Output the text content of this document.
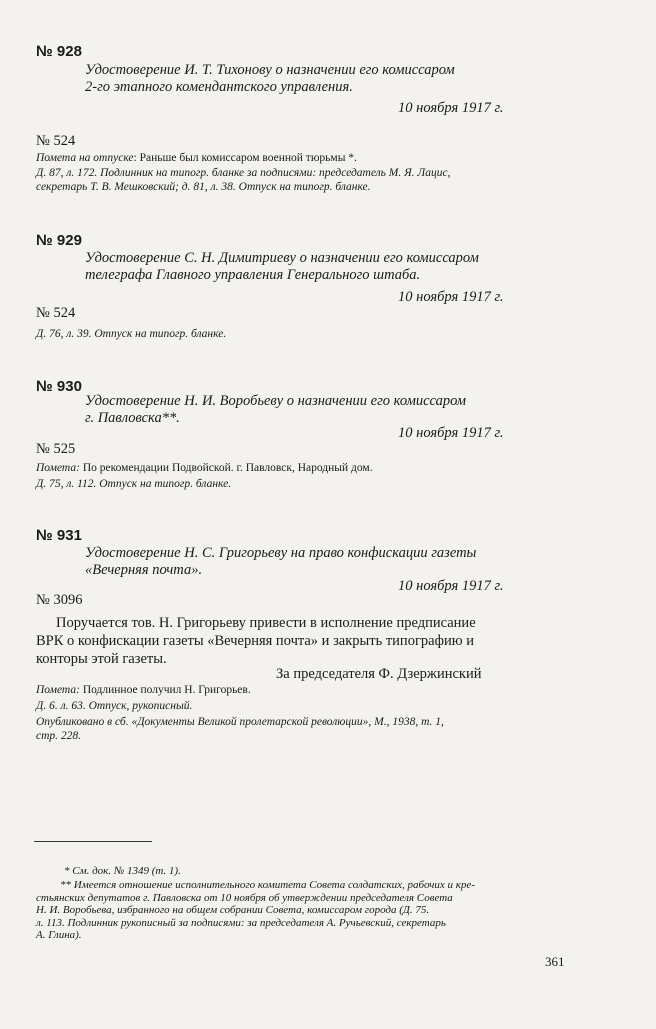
№ 928
Удостоверение И. Т. Тихонову о назначении его комиссаром
2-го этапного комендантского управления.
10 ноября 1917 г.
№ 524
Помета на отпуске: Раньше был комиссаром военной тюрьмы *.
Д. 87, л. 172. Подлинник на типогр. бланке за подписями: председатель М. Я. Лацис,
секретарь Т. В. Мешковский; д. 81, л. 38. Отпуск на типогр. бланке.
№ 929
Удостоверение С. Н. Димитриеву о назначении его комиссаром
телеграфа Главного управления Генерального штаба.
10 ноября 1917 г.
№ 524
Д. 76, л. 39. Отпуск на типогр. бланке.
№ 930
Удостоверение Н. И. Воробьеву о назначении его комиссаром
г. Павловска**.
10 ноября 1917 г.
№ 525
Помета: По рекомендации Подвойской. г. Павловск, Народный дом.
Д. 75, л. 112. Отпуск на типогр. бланке.
№ 931
Удостоверение Н. С. Григорьеву на право конфискации газеты
«Вечерняя почта».
10 ноября 1917 г.
№ 3096
Поручается тов. Н. Григорьеву привести в исполнение предписание
ВРК о конфискации газеты «Вечерняя почта» и закрыть типографию и
конторы этой газеты.
За председателя Ф. Дзержинский
Помета: Подлинное получил Н. Григорьев.
Д. 6. л. 63. Отпуск, рукописный.
Опубликовано в сб. «Документы Великой пролетарской революции», М., 1938, т. 1,
стр. 228.
* См. док. № 1349 (т. 1).
** Имеется отношение исполнительного комитета Совета солдатских, рабочих и кре-
стьянских депутатов г. Павловска от 10 ноября об утверждении председателя Совета
Н. И. Воробьева, избранного на общем собрании Совета, комиссаром города (Д. 75.
л. 113. Подлинник рукописный за подписями: за председателя А. Ручьевский, секретарь
А. Глина).
361
